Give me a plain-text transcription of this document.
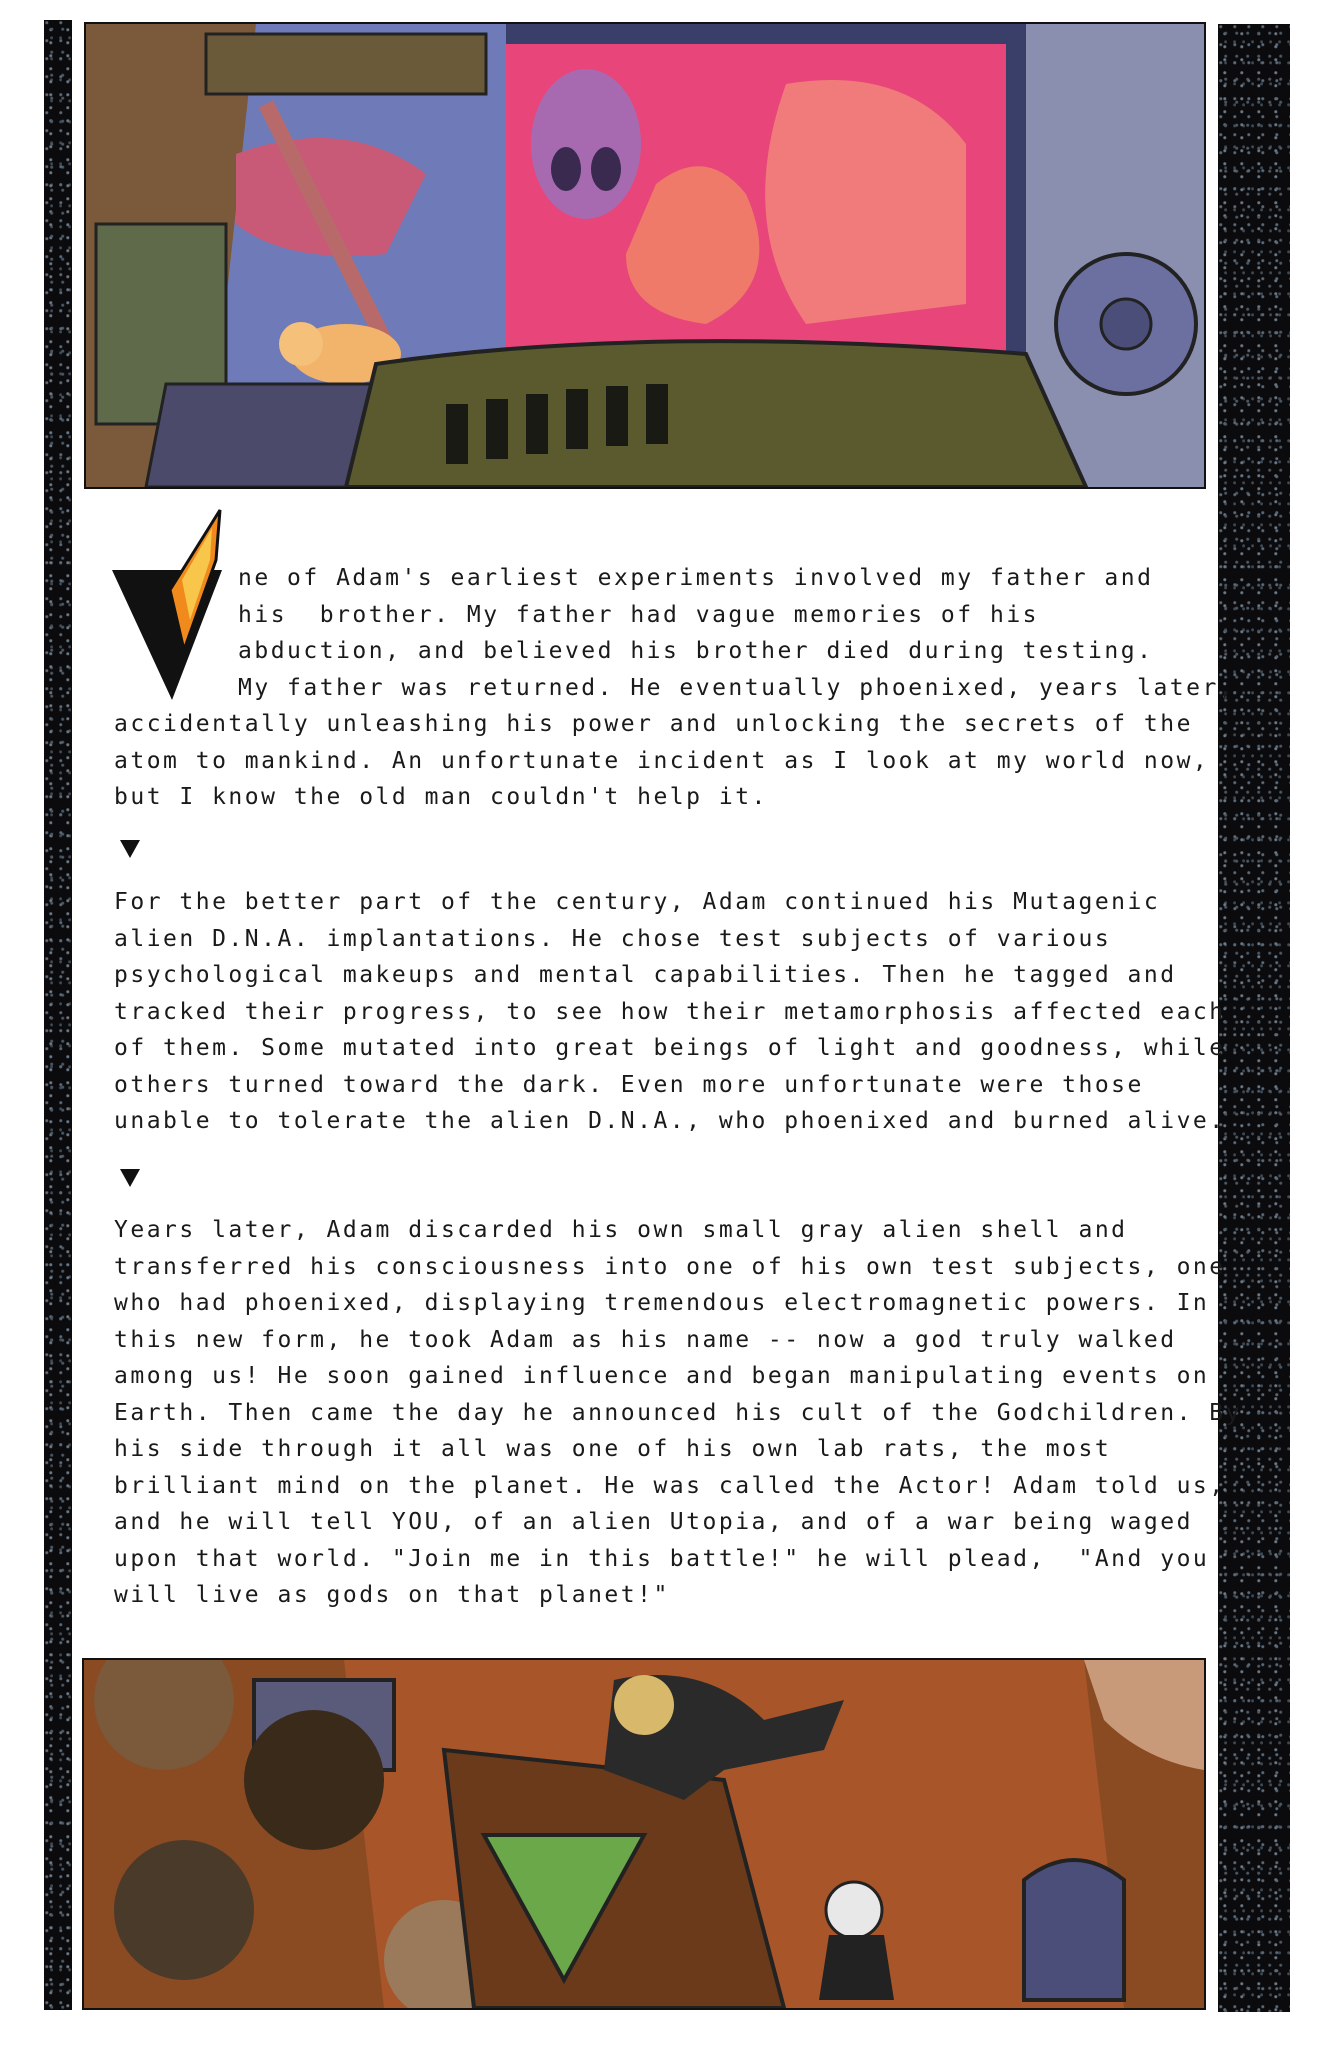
O

ne of Adam's earliest experiments involved my father and
his  brother. My father had vague memories of his
abduction, and believed his brother died during testing.
My father was returned. He eventually phoenixed, years later,

accidentally unleashing his power and unlocking the secrets of the
atom to mankind. An unfortunate incident as I look at my world now,
but I know the old man couldn't help it.

For the better part of the century, Adam continued his Mutagenic
alien D.N.A. implantations. He chose test subjects of various
psychological makeups and mental capabilities. Then he tagged and
tracked their progress, to see how their metamorphosis affected each
of them. Some mutated into great beings of light and goodness, while
others turned toward the dark. Even more unfortunate were those
unable to tolerate the alien D.N.A., who phoenixed and burned alive.

Years later, Adam discarded his own small gray alien shell and
transferred his consciousness into one of his own test subjects, one
who had phoenixed, displaying tremendous electromagnetic powers. In
this new form, he took Adam as his name -- now a god truly walked
among us! He soon gained influence and began manipulating events on
Earth. Then came the day he announced his cult of the Godchildren. By
his side through it all was one of his own lab rats, the most
brilliant mind on the planet. He was called the Actor! Adam told us,
and he will tell YOU, of an alien Utopia, and of a war being waged
upon that world. "Join me in this battle!" he will plead,  "And you
will live as gods on that planet!"
